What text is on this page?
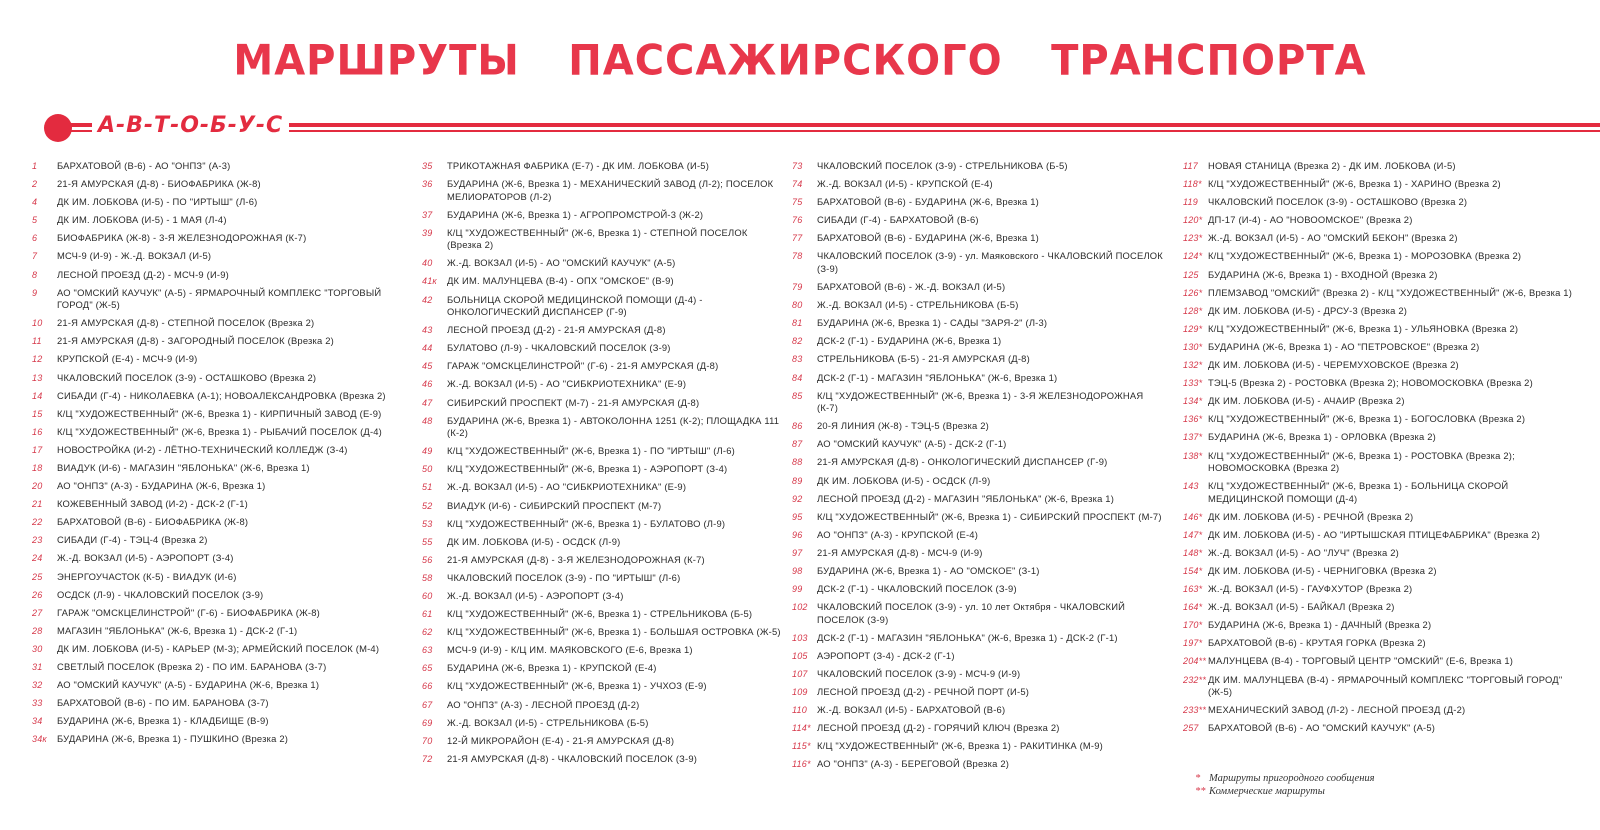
МАРШРУТЫ ПАССАЖИРСКОГО ТРАНСПОРТА
А-В-Т-О-Б-У-С
1 БАРХАТОВОЙ (В-6) - АО "ОНПЗ" (А-3)
2 21-Я АМУРСКАЯ (Д-8) - БИОФАБРИКА (Ж-8)
4 ДК ИМ. ЛОБКОВА (И-5) - ПО "ИРТЫШ" (Л-6)
5 ДК ИМ. ЛОБКОВА (И-5) - 1 МАЯ (Л-4)
6 БИОФАБРИКА (Ж-8) - 3-Я ЖЕЛЕЗНОДОРОЖНАЯ (К-7)
7 МСЧ-9 (И-9) - Ж.-Д. ВОКЗАЛ (И-5)
8 ЛЕСНОЙ ПРОЕЗД (Д-2) - МСЧ-9 (И-9)
9 АО "ОМСКИЙ КАУЧУК" (А-5) - ЯРМАРОЧНЫЙ КОМПЛЕКС "ТОРГОВЫЙ ГОРОД" (Ж-5)
10 21-Я АМУРСКАЯ (Д-8) - СТЕПНОЙ ПОСЕЛОК (Врезка 2)
11 21-Я АМУРСКАЯ (Д-8) - ЗАГОРОДНЫЙ ПОСЕЛОК (Врезка 2)
12 КРУПСКОЙ (Е-4) - МСЧ-9 (И-9)
13 ЧКАЛОВСКИЙ ПОСЕЛОК (З-9) - ОСТАШКОВО (Врезка 2)
14 СИБАДИ (Г-4) - НИКОЛАЕВКА (А-1); НОВОАЛЕКСАНДРОВКА (Врезка 2)
15 К/Ц "ХУДОЖЕСТВЕННЫЙ" (Ж-6, Врезка 1) - КИРПИЧНЫЙ ЗАВОД (Е-9)
16 К/Ц "ХУДОЖЕСТВЕННЫЙ" (Ж-6, Врезка 1) - РЫБАЧИЙ ПОСЕЛОК (Д-4)
17 НОВОСТРОЙКА (И-2) - ЛЁТНО-ТЕХНИЧЕСКИЙ КОЛЛЕДЖ (З-4)
18 ВИАДУК (И-6) - МАГАЗИН "ЯБЛОНЬКА" (Ж-6, Врезка 1)
20 АО "ОНПЗ" (А-3) - БУДАРИНА (Ж-6, Врезка 1)
21 КОЖЕВЕННЫЙ ЗАВОД (И-2) - ДСК-2 (Г-1)
22 БАРХАТОВОЙ (В-6) - БИОФАБРИКА (Ж-8)
23 СИБАДИ (Г-4) - ТЭЦ-4 (Врезка 2)
24 Ж.-Д. ВОКЗАЛ (И-5) - АЭРОПОРТ (З-4)
25 ЭНЕРГОУЧАСТОК (К-5) - ВИАДУК (И-6)
26 ОСДСК (Л-9) - ЧКАЛОВСКИЙ ПОСЕЛОК (З-9)
27 ГАРАЖ "ОМСКЦЕЛИНСТРОЙ" (Г-6) - БИОФАБРИКА (Ж-8)
28 МАГАЗИН "ЯБЛОНЬКА" (Ж-6, Врезка 1) - ДСК-2 (Г-1)
30 ДК ИМ. ЛОБКОВА (И-5) - КАРЬЕР (М-3); АРМЕЙСКИЙ ПОСЕЛОК (М-4)
31 СВЕТЛЫЙ ПОСЕЛОК (Врезка 2) - ПО ИМ. БАРАНОВА (З-7)
32 АО "ОМСКИЙ КАУЧУК" (А-5) - БУДАРИНА (Ж-6, Врезка 1)
33 БАРХАТОВОЙ (В-6) - ПО ИМ. БАРАНОВА (З-7)
34 БУДАРИНА (Ж-6, Врезка 1) - КЛАДБИЩЕ (В-9)
34к БУДАРИНА (Ж-6, Врезка 1) - ПУШКИНО (Врезка 2)
35 ТРИКОТАЖНАЯ ФАБРИКА (Е-7) - ДК ИМ. ЛОБКОВА (И-5)
36 БУДАРИНА (Ж-6, Врезка 1) - МЕХАНИЧЕСКИЙ ЗАВОД (Л-2); ПОСЕЛОК МЕЛИОРАТОРОВ (Л-2)
37 БУДАРИНА (Ж-6, Врезка 1) - АГРОПРОМСТРОЙ-3 (Ж-2)
39 К/Ц "ХУДОЖЕСТВЕННЫЙ" (Ж-6, Врезка 1) - СТЕПНОЙ ПОСЕЛОК (Врезка 2)
40 Ж.-Д. ВОКЗАЛ (И-5) - АО "ОМСКИЙ КАУЧУК" (А-5)
41к ДК ИМ. МАЛУНЦЕВА (В-4) - ОПХ "ОМСКОЕ" (В-9)
42 БОЛЬНИЦА СКОРОЙ МЕДИЦИНСКОЙ ПОМОЩИ (Д-4) - ОНКОЛОГИЧЕСКИЙ ДИСПАНСЕР (Г-9)
43 ЛЕСНОЙ ПРОЕЗД (Д-2) - 21-Я АМУРСКАЯ (Д-8)
44 БУЛАТОВО (Л-9) - ЧКАЛОВСКИЙ ПОСЕЛОК (З-9)
45 ГАРАЖ "ОМСКЦЕЛИНСТРОЙ" (Г-6) - 21-Я АМУРСКАЯ (Д-8)
46 Ж.-Д. ВОКЗАЛ (И-5) - АО "СИБКРИОТЕХНИКА" (Е-9)
47 СИБИРСКИЙ ПРОСПЕКТ (М-7) - 21-Я АМУРСКАЯ (Д-8)
48 БУДАРИНА (Ж-6, Врезка 1) - АВТОКОЛОННА 1251 (К-2); ПЛОЩАДКА 111 (К-2)
49 К/Ц "ХУДОЖЕСТВЕННЫЙ" (Ж-6, Врезка 1) - ПО "ИРТЫШ" (Л-6)
50 К/Ц "ХУДОЖЕСТВЕННЫЙ" (Ж-6, Врезка 1) - АЭРОПОРТ (З-4)
51 Ж.-Д. ВОКЗАЛ (И-5) - АО "СИБКРИОТЕХНИКА" (Е-9)
52 ВИАДУК (И-6) - СИБИРСКИЙ ПРОСПЕКТ (М-7)
53 К/Ц "ХУДОЖЕСТВЕННЫЙ" (Ж-6, Врезка 1) - БУЛАТОВО (Л-9)
55 ДК ИМ. ЛОБКОВА (И-5) - ОСДСК (Л-9)
56 21-Я АМУРСКАЯ (Д-8) - 3-Я ЖЕЛЕЗНОДОРОЖНАЯ (К-7)
58 ЧКАЛОВСКИЙ ПОСЕЛОК (З-9) - ПО "ИРТЫШ" (Л-6)
60 Ж.-Д. ВОКЗАЛ (И-5) - АЭРОПОРТ (З-4)
61 К/Ц "ХУДОЖЕСТВЕННЫЙ" (Ж-6, Врезка 1) - СТРЕЛЬНИКОВА (Б-5)
62 К/Ц "ХУДОЖЕСТВЕННЫЙ" (Ж-6, Врезка 1) - БОЛЬШАЯ ОСТРОВКА (Ж-5)
63 МСЧ-9 (И-9) - К/Ц ИМ. МАЯКОВСКОГО (Е-6, Врезка 1)
65 БУДАРИНА (Ж-6, Врезка 1) - КРУПСКОЙ (Е-4)
66 К/Ц "ХУДОЖЕСТВЕННЫЙ" (Ж-6, Врезка 1) - УЧХОЗ (Е-9)
67 АО "ОНПЗ" (А-3) - ЛЕСНОЙ ПРОЕЗД (Д-2)
69 Ж.-Д. ВОКЗАЛ (И-5) - СТРЕЛЬНИКОВА (Б-5)
70 12-Й МИКРОРАЙОН (Е-4) - 21-Я АМУРСКАЯ (Д-8)
72 21-Я АМУРСКАЯ (Д-8) - ЧКАЛОВСКИЙ ПОСЕЛОК (З-9)
73 ЧКАЛОВСКИЙ ПОСЕЛОК (З-9) - СТРЕЛЬНИКОВА (Б-5)
74 Ж.-Д. ВОКЗАЛ (И-5) - КРУПСКОЙ (Е-4)
75 БАРХАТОВОЙ (В-6) - БУДАРИНА (Ж-6, Врезка 1)
76 СИБАДИ (Г-4) - БАРХАТОВОЙ (В-6)
77 БАРХАТОВОЙ (В-6) - БУДАРИНА (Ж-6, Врезка 1)
78 ЧКАЛОВСКИЙ ПОСЕЛОК (З-9) - ул. Маяковского - ЧКАЛОВСКИЙ ПОСЕЛОК (З-9)
79 БАРХАТОВОЙ (В-6) - Ж.-Д. ВОКЗАЛ (И-5)
80 Ж.-Д. ВОКЗАЛ (И-5) - СТРЕЛЬНИКОВА (Б-5)
81 БУДАРИНА (Ж-6, Врезка 1) - САДЫ "ЗАРЯ-2" (Л-3)
82 ДСК-2 (Г-1) - БУДАРИНА (Ж-6, Врезка 1)
83 СТРЕЛЬНИКОВА (Б-5) - 21-Я АМУРСКАЯ (Д-8)
84 ДСК-2 (Г-1) - МАГАЗИН "ЯБЛОНЬКА" (Ж-6, Врезка 1)
85 К/Ц "ХУДОЖЕСТВЕННЫЙ" (Ж-6, Врезка 1) - 3-Я ЖЕЛЕЗНОДОРОЖНАЯ (К-7)
86 20-Я ЛИНИЯ (Ж-8) - ТЭЦ-5 (Врезка 2)
87 АО "ОМСКИЙ КАУЧУК" (А-5) - ДСК-2 (Г-1)
88 21-Я АМУРСКАЯ (Д-8) - ОНКОЛОГИЧЕСКИЙ ДИСПАНСЕР (Г-9)
89 ДК ИМ. ЛОБКОВА (И-5) - ОСДСК (Л-9)
92 ЛЕСНОЙ ПРОЕЗД (Д-2) - МАГАЗИН "ЯБЛОНЬКА" (Ж-6, Врезка 1)
95 К/Ц "ХУДОЖЕСТВЕННЫЙ" (Ж-6, Врезка 1) - СИБИРСКИЙ ПРОСПЕКТ (М-7)
96 АО "ОНПЗ" (А-3) - КРУПСКОЙ (Е-4)
97 21-Я АМУРСКАЯ (Д-8) - МСЧ-9 (И-9)
98 БУДАРИНА (Ж-6, Врезка 1) - АО "ОМСКОЕ" (З-1)
99 ДСК-2 (Г-1) - ЧКАЛОВСКИЙ ПОСЕЛОК (З-9)
102 ЧКАЛОВСКИЙ ПОСЕЛОК (З-9) - ул. 10 лет Октября - ЧКАЛОВСКИЙ ПОСЕЛОК (З-9)
103 ДСК-2 (Г-1) - МАГАЗИН "ЯБЛОНЬКА" (Ж-6, Врезка 1) - ДСК-2 (Г-1)
105 АЭРОПОРТ (З-4) - ДСК-2 (Г-1)
107 ЧКАЛОВСКИЙ ПОСЕЛОК (З-9) - МСЧ-9 (И-9)
109 ЛЕСНОЙ ПРОЕЗД (Д-2) - РЕЧНОЙ ПОРТ (И-5)
110 Ж.-Д. ВОКЗАЛ (И-5) - БАРХАТОВОЙ (В-6)
114* ЛЕСНОЙ ПРОЕЗД (Д-2) - ГОРЯЧИЙ КЛЮЧ (Врезка 2)
115* К/Ц "ХУДОЖЕСТВЕННЫЙ" (Ж-6, Врезка 1) - РАКИТИНКА (М-9)
116* АО "ОНПЗ" (А-3) - БЕРЕГОВОЙ (Врезка 2)
117 НОВАЯ СТАНИЦА (Врезка 2) - ДК ИМ. ЛОБКОВА (И-5)
118* К/Ц "ХУДОЖЕСТВЕННЫЙ" (Ж-6, Врезка 1) - ХАРИНО (Врезка 2)
119 ЧКАЛОВСКИЙ ПОСЕЛОК (З-9) - ОСТАШКОВО (Врезка 2)
120* ДП-17 (И-4) - АО "НОВООМСКОЕ" (Врезка 2)
123* Ж.-Д. ВОКЗАЛ (И-5) - АО "ОМСКИЙ БЕКОН" (Врезка 2)
124* К/Ц "ХУДОЖЕСТВЕННЫЙ" (Ж-6, Врезка 1) - МОРОЗОВКА (Врезка 2)
125 БУДАРИНА (Ж-6, Врезка 1) - ВХОДНОЙ (Врезка 2)
126* ПЛЕМЗАВОД "ОМСКИЙ" (Врезка 2) - К/Ц "ХУДОЖЕСТВЕННЫЙ" (Ж-6, Врезка 1)
128* ДК ИМ. ЛОБКОВА (И-5) - ДРСУ-3 (Врезка 2)
129* К/Ц "ХУДОЖЕСТВЕННЫЙ" (Ж-6, Врезка 1) - УЛЬЯНОВКА (Врезка 2)
130* БУДАРИНА (Ж-6, Врезка 1) - АО "ПЕТРОВСКОЕ" (Врезка 2)
132* ДК ИМ. ЛОБКОВА (И-5) - ЧЕРЕМУХОВСКОЕ (Врезка 2)
133* ТЭЦ-5 (Врезка 2) - РОСТОВКА (Врезка 2); НОВОМОСКОВКА (Врезка 2)
134* ДК ИМ. ЛОБКОВА (И-5) - АЧАИР (Врезка 2)
136* К/Ц "ХУДОЖЕСТВЕННЫЙ" (Ж-6, Врезка 1) - БОГОСЛОВКА (Врезка 2)
137* БУДАРИНА (Ж-6, Врезка 1) - ОРЛОВКА (Врезка 2)
138* К/Ц "ХУДОЖЕСТВЕННЫЙ" (Ж-6, Врезка 1) - РОСТОВКА (Врезка 2); НОВОМОСКОВКА (Врезка 2)
143 К/Ц "ХУДОЖЕСТВЕННЫЙ" (Ж-6, Врезка 1) - БОЛЬНИЦА СКОРОЙ МЕДИЦИНСКОЙ ПОМОЩИ (Д-4)
146* ДК ИМ. ЛОБКОВА (И-5) - РЕЧНОЙ (Врезка 2)
147* ДК ИМ. ЛОБКОВА (И-5) - АО "ИРТЫШСКАЯ ПТИЦЕФАБРИКА" (Врезка 2)
148* Ж.-Д. ВОКЗАЛ (И-5) - АО "ЛУЧ" (Врезка 2)
154* ДК ИМ. ЛОБКОВА (И-5) - ЧЕРНИГОВКА (Врезка 2)
163* Ж.-Д. ВОКЗАЛ (И-5) - ГАУФХУТОР (Врезка 2)
164* Ж.-Д. ВОКЗАЛ (И-5) - БАЙКАЛ (Врезка 2)
170* БУДАРИНА (Ж-6, Врезка 1) - ДАЧНЫЙ (Врезка 2)
197* БАРХАТОВОЙ (В-6) - КРУТАЯ ГОРКА (Врезка 2)
204** МАЛУНЦЕВА (В-4) - ТОРГОВЫЙ ЦЕНТР "ОМСКИЙ" (Е-6, Врезка 1)
232** ДК ИМ. МАЛУНЦЕВА (В-4) - ЯРМАРОЧНЫЙ КОМПЛЕКС "ТОРГОВЫЙ ГОРОД" (Ж-5)
233** МЕХАНИЧЕСКИЙ ЗАВОД (Л-2) - ЛЕСНОЙ ПРОЕЗД (Д-2)
257 БАРХАТОВОЙ (В-6) - АО "ОМСКИЙ КАУЧУК" (А-5)
* Маршруты пригородного сообщения
** Коммерческие маршруты
